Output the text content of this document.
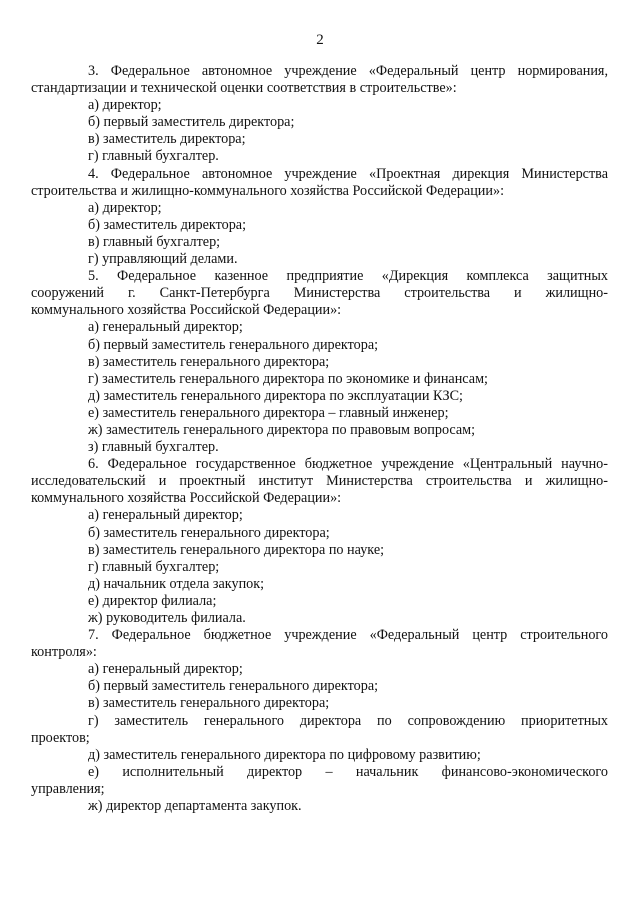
2
3. Федеральное автономное учреждение «Федеральный центр нормирования,
стандартизации и технической оценки соответствия в строительстве»:
а) директор;
б) первый заместитель директора;
в) заместитель директора;
г) главный бухгалтер.
4. Федеральное автономное учреждение «Проектная дирекция Министерства
строительства и жилищно-коммунального хозяйства Российской Федерации»:
а) директор;
б) заместитель директора;
в) главный бухгалтер;
г) управляющий делами.
5. Федеральное казенное предприятие «Дирекция комплекса защитных
сооружений г. Санкт-Петербурга Министерства строительства и жилищно-
коммунального хозяйства Российской Федерации»:
а) генеральный директор;
б) первый заместитель генерального директора;
в) заместитель генерального директора;
г) заместитель генерального директора по экономике и финансам;
д) заместитель генерального директора по эксплуатации КЗС;
е) заместитель генерального директора – главный инженер;
ж) заместитель генерального директора по правовым вопросам;
з) главный бухгалтер.
6. Федеральное государственное бюджетное учреждение «Центральный научно-
исследовательский и проектный институт Министерства строительства и жилищно-
коммунального хозяйства Российской Федерации»:
а) генеральный директор;
б) заместитель генерального директора;
в) заместитель генерального директора по науке;
г) главный бухгалтер;
д) начальник отдела закупок;
е) директор филиала;
ж) руководитель филиала.
7. Федеральное бюджетное учреждение «Федеральный центр строительного
контроля»:
а) генеральный директор;
б) первый заместитель генерального директора;
в) заместитель генерального директора;
г) заместитель генерального директора по сопровождению приоритетных
проектов;
д) заместитель генерального директора по цифровому развитию;
е) исполнительный директор – начальник финансово-экономического
управления;
ж) директор департамента закупок.
